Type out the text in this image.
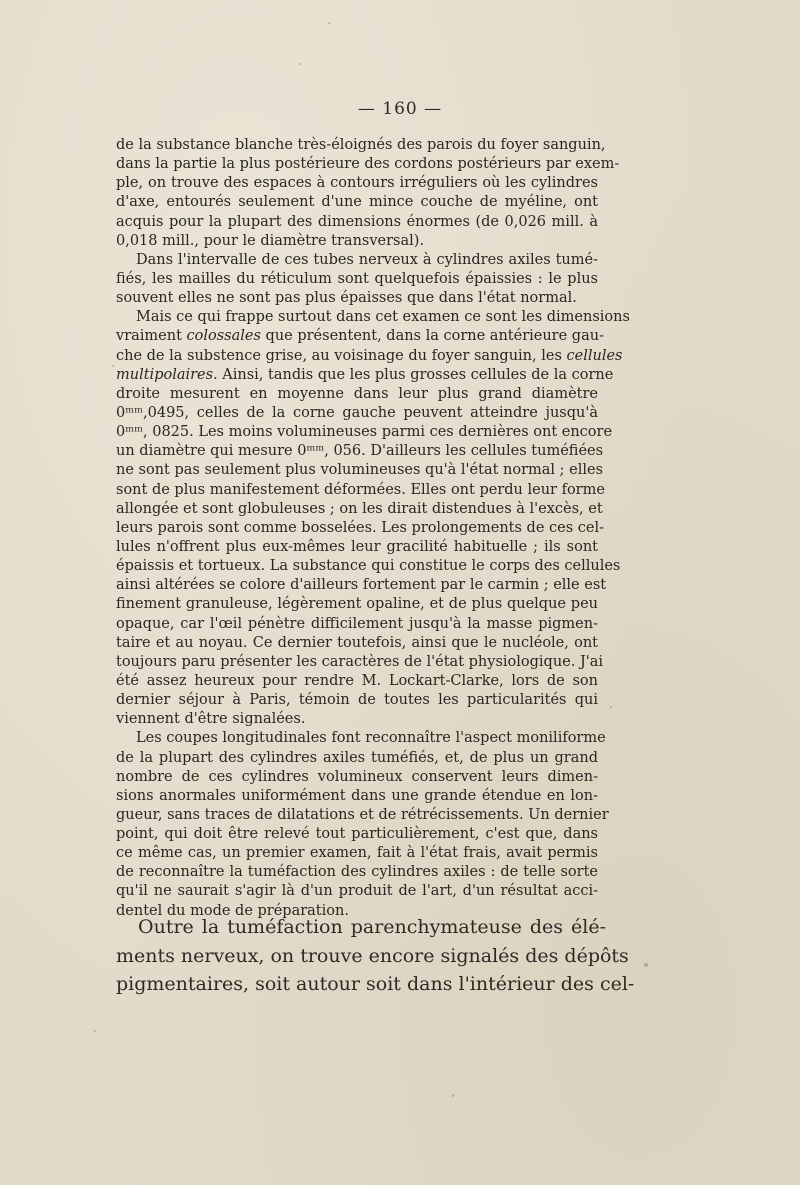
— 160 —
de la substance blanche très-éloignés des parois du foyer sanguin,
dans la partie la plus postérieure des cordons postérieurs par exem-
ple, on trouve des espaces à contours irréguliers où les cylindres
d'axe, entourés seulement d'une mince couche de myéline, ont
acquis pour la plupart des dimensions énormes (de 0,026 mill. à
0,018 mill., pour le diamètre transversal).
Dans l'intervalle de ces tubes nerveux à cylindres axiles tumé-
fiés, les mailles du réticulum sont quelquefois épaissies : le plus
souvent elles ne sont pas plus épaisses que dans l'état normal.
Mais ce qui frappe surtout dans cet examen ce sont les dimensions
vraiment colossales que présentent, dans la corne antérieure gau-
che de la substence grise, au voisinage du foyer sanguin, les cellules
multipolaires. Ainsi, tandis que les plus grosses cellules de la corne
droite mesurent en moyenne dans leur plus grand diamètre
0ᵐᵐ,0495, celles de la corne gauche peuvent atteindre jusqu'à
0ᵐᵐ, 0825. Les moins volumineuses parmi ces dernières ont encore
un diamètre qui mesure 0ᵐᵐ, 056. D'ailleurs les cellules tuméfiées
ne sont pas seulement plus volumineuses qu'à l'état normal ; elles
sont de plus manifestement déformées. Elles ont perdu leur forme
allongée et sont globuleuses ; on les dirait distendues à l'excès, et
leurs parois sont comme bosselées. Les prolongements de ces cel-
lules n'offrent plus eux-mêmes leur gracilité habituelle ; ils sont
épaissis et tortueux. La substance qui constitue le corps des cellules
ainsi altérées se colore d'ailleurs fortement par le carmin ; elle est
finement granuleuse, légèrement opaline, et de plus quelque peu
opaque, car l'œil pénètre difficilement jusqu'à la masse pigmen-
taire et au noyau. Ce dernier toutefois, ainsi que le nucléole, ont
toujours paru présenter les caractères de l'état physiologique. J'ai
été assez heureux pour rendre M. Lockart-Clarke, lors de son
dernier séjour à Paris, témoin de toutes les particularités qui
viennent d'être signalées.
Les coupes longitudinales font reconnaître l'aspect moniliforme
de la plupart des cylindres axiles tuméfiés, et, de plus un grand
nombre de ces cylindres volumineux conservent leurs dimen-
sions anormales uniformément dans une grande étendue en lon-
gueur, sans traces de dilatations et de rétrécissements. Un dernier
point, qui doit être relevé tout particulièrement, c'est que, dans
ce même cas, un premier examen, fait à l'état frais, avait permis
de reconnaître la tuméfaction des cylindres axiles : de telle sorte
qu'il ne saurait s'agir là d'un produit de l'art, d'un résultat acci-
dentel du mode de préparation.
Outre la tuméfaction parenchymateuse des élé-
ments nerveux, on trouve encore signalés des dépôts
pigmentaires, soit autour soit dans l'intérieur des cel-
